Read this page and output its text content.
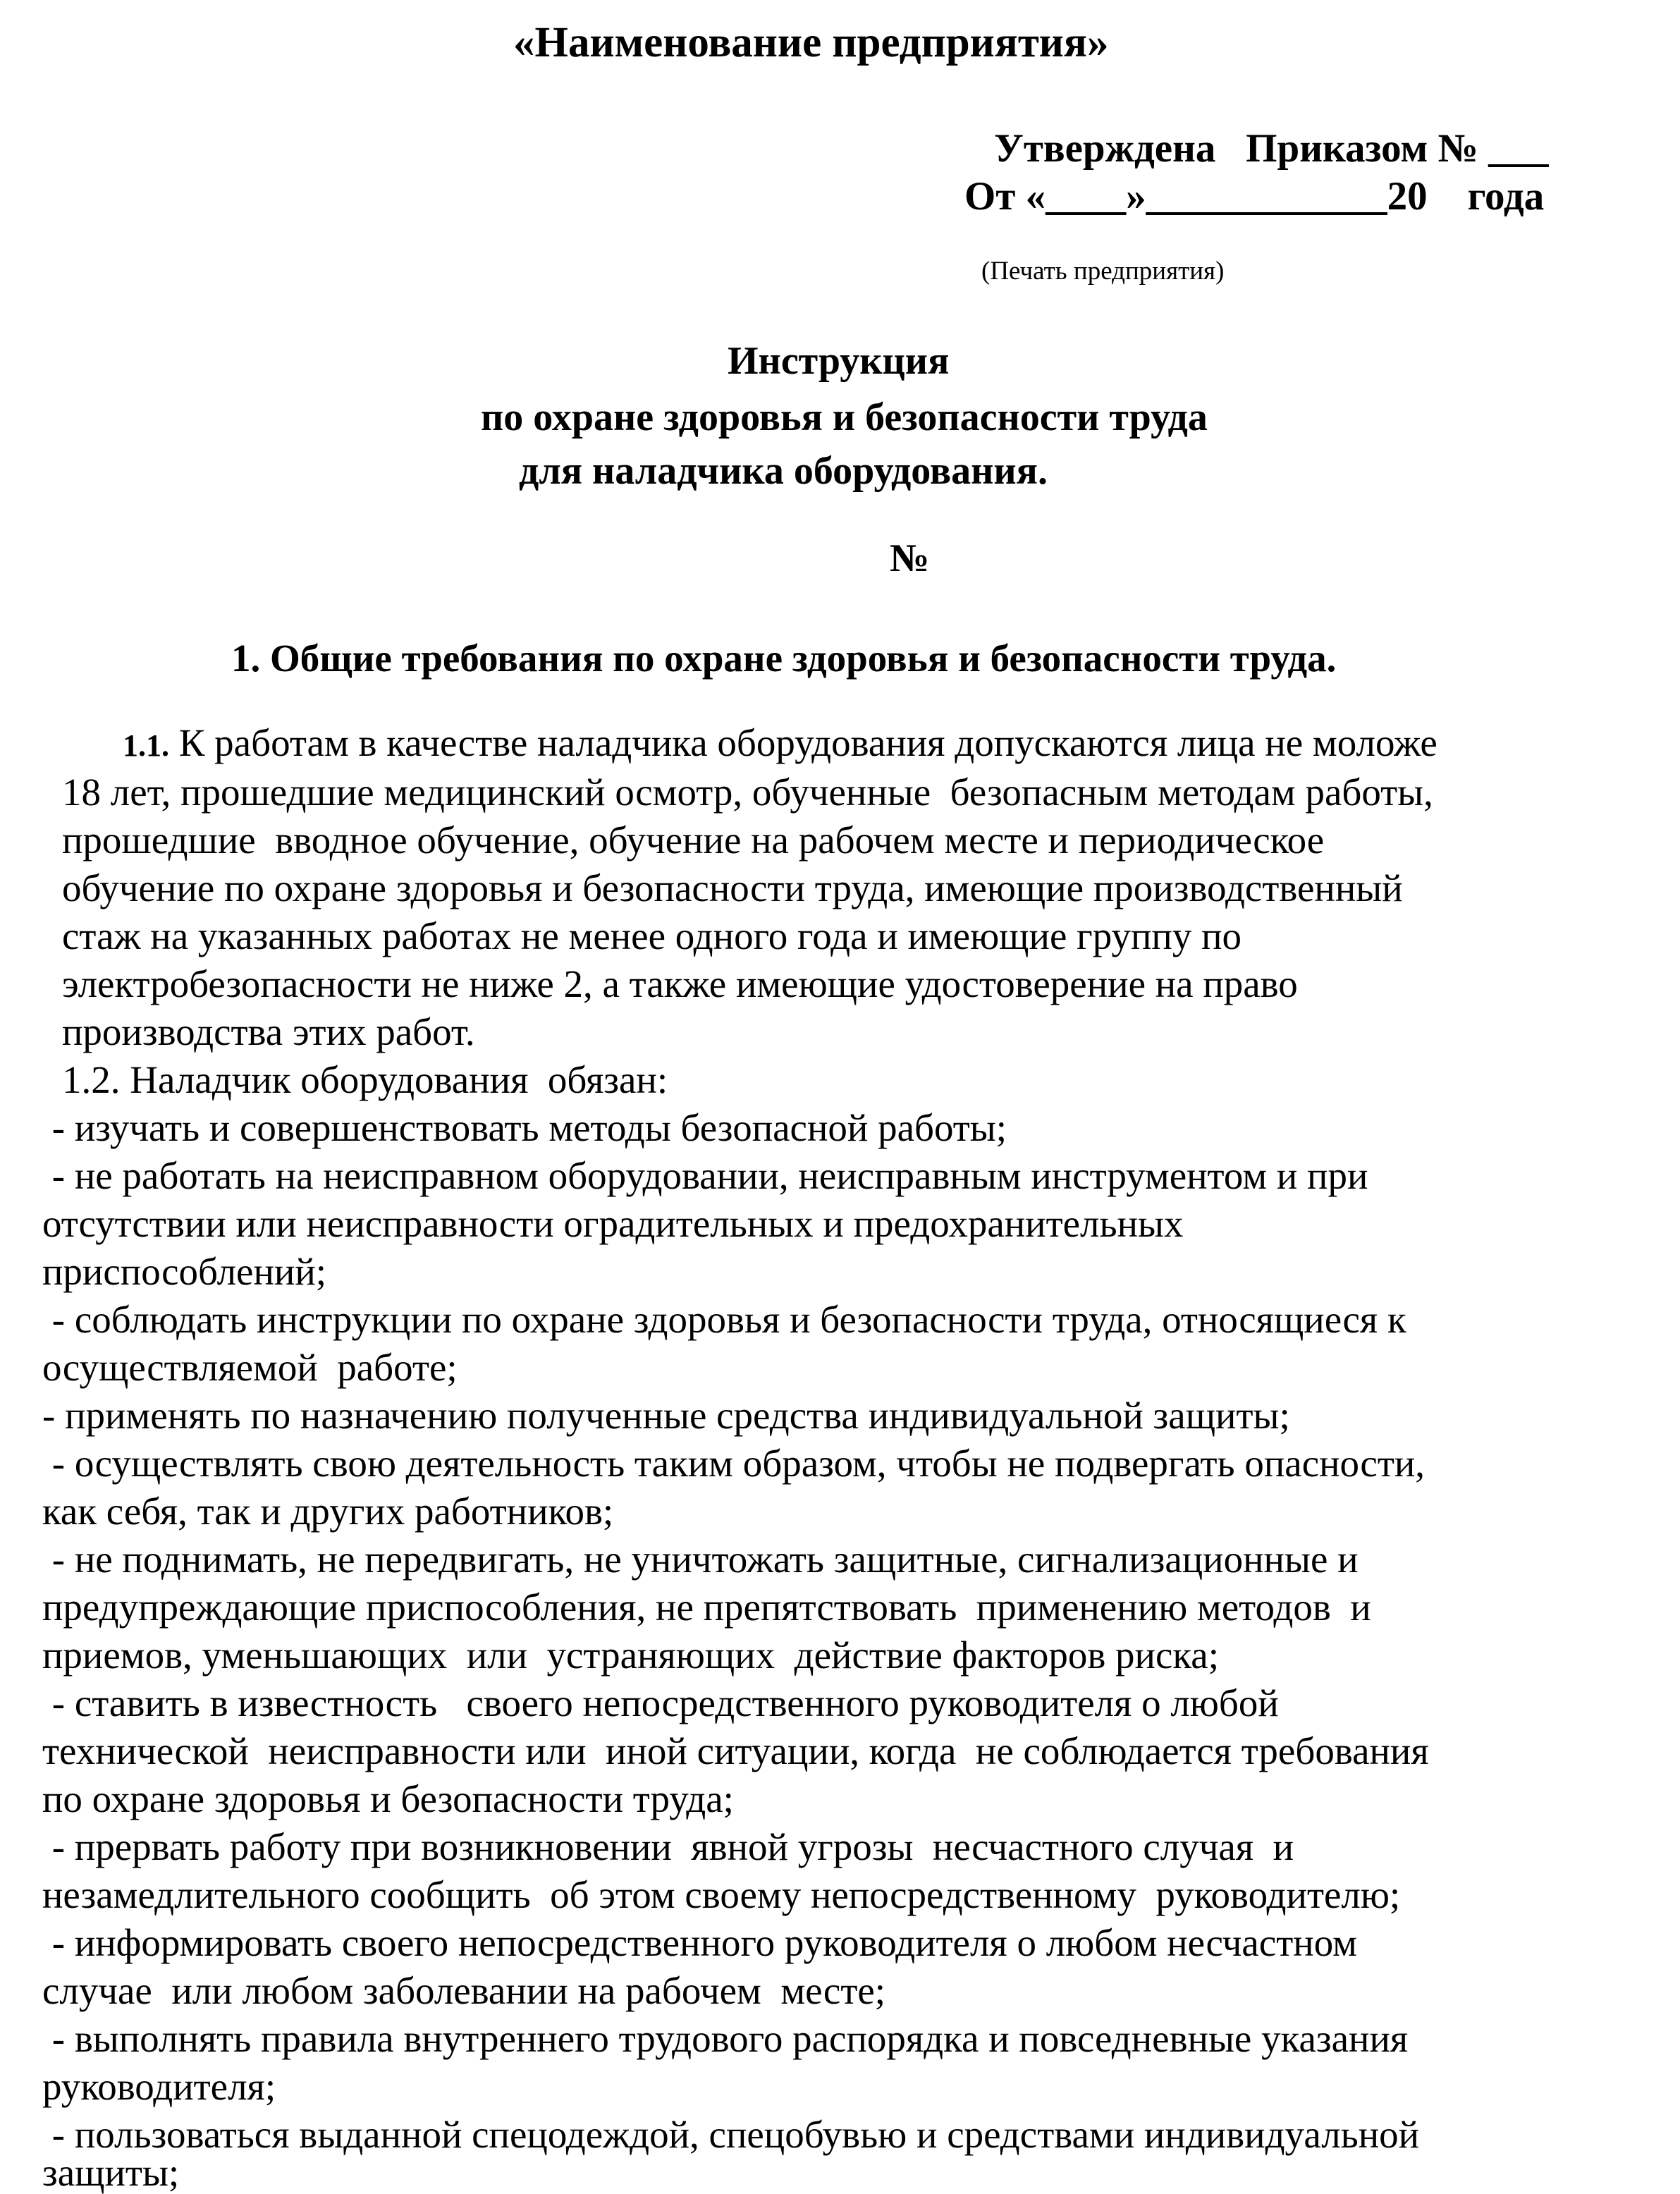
«Наименование предприятия»
Утверждена   Приказом № ___
От «____»____________20    года
(Печать предприятия)
Инструкция
по охране здоровья и безопасности труда
для наладчика оборудования.
№
1. Общие требования по охране здоровья и безопасности труда.
1.1. К работам в качестве наладчика оборудования допускаются лица не моложе
18 лет, прошедшие медицинский осмотр, обученные  безопасным методам работы,
прошедшие  вводное обучение, обучение на рабочем месте и периодическое
обучение по охране здоровья и безопасности труда, имеющие производственный
стаж на указанных работах не менее одного года и имеющие группу по
электробезопасности не ниже 2, а также имеющие удостоверение на право
производства этих работ.
1.2. Наладчик оборудования  обязан:
- изучать и совершенствовать методы безопасной работы;
- не работать на неисправном оборудовании, неисправным инструментом и при
отсутствии или неисправности оградительных и предохранительных
приспособлений;
- соблюдать инструкции по охране здоровья и безопасности труда, относящиеся к
осуществляемой  работе;
- применять по назначению полученные средства индивидуальной защиты;
- осуществлять свою деятельность таким образом, чтобы не подвергать опасности,
как себя, так и других работников;
- не поднимать, не передвигать, не уничтожать защитные, сигнализационные и
предупреждающие приспособления, не препятствовать  применению методов  и
приемов, уменьшающих  или  устраняющих  действие факторов риска;
- ставить в известность   своего непосредственного руководителя о любой
технической  неисправности или  иной ситуации, когда  не соблюдается требования
по охране здоровья и безопасности труда;
- прервать работу при возникновении  явной угрозы  несчастного случая  и
незамедлительного сообщить  об этом своему непосредственному  руководителю;
- информировать своего непосредственного руководителя о любом несчастном
случае  или любом заболевании на рабочем  месте;
- выполнять правила внутреннего трудового распорядка и повседневные указания
руководителя;
- пользоваться выданной спецодеждой, спецобувью и средствами индивидуальной
защиты;
